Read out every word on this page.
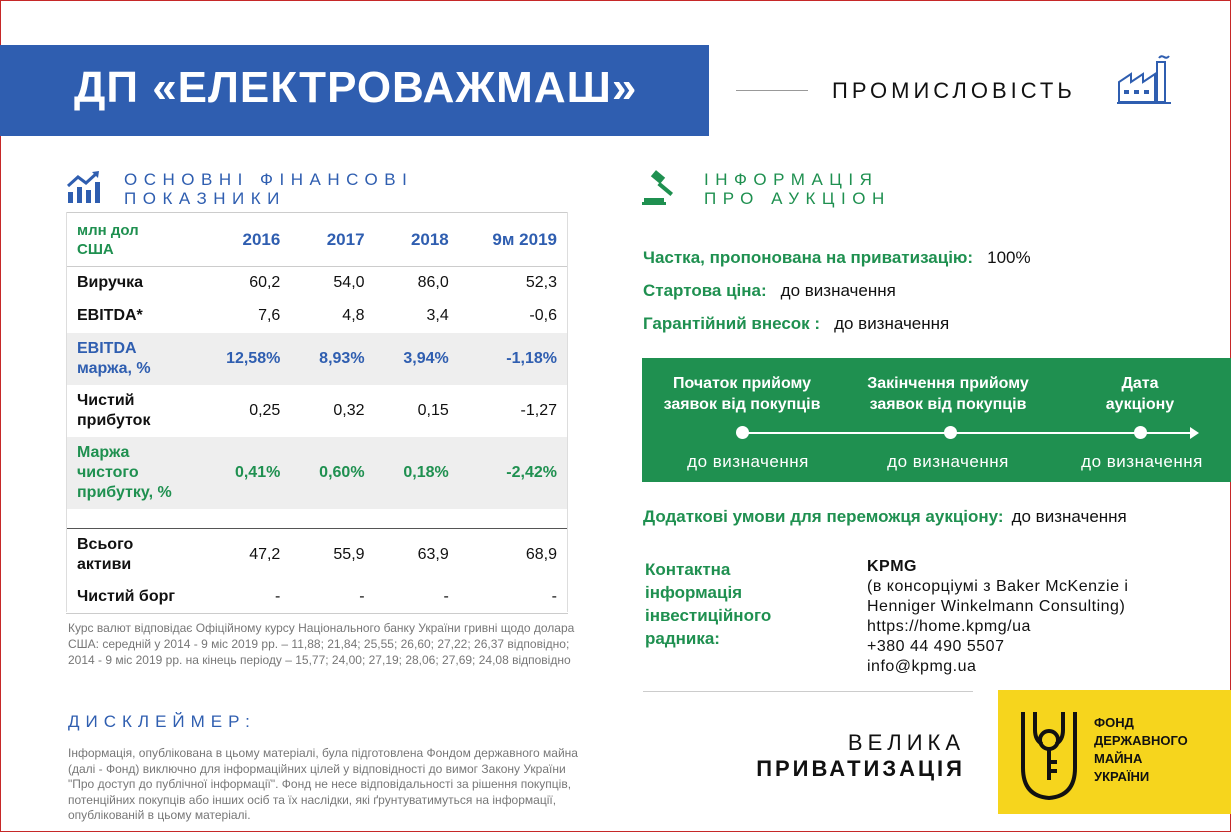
ДП «ЕЛЕКТРОВАЖМАШ»	ПРОМИСЛОВІСТЬ
ОСНОВНІ ФІНАНСОВІ
ПОКАЗНИКИ
млн дол
США	2016	2017	2018	9м 2019
Виручка	60,2	54,0	86,0	52,3
EBITDA*	7,6	4,8	3,4	-0,6
EBITDA
маржа, %	12,58%	8,93%	3,94%	-1,18%
Чистий
прибуток	0,25	0,32	0,15	-1,27
Маржа
чистого
прибутку, %	0,41%	0,60%	0,18%	-2,42%

Всього
активи	47,2	55,9	63,9	68,9
Чистий борг	-	-	-	-
Курс валют відповідає Офіційному курсу Національного банку України гривні щодо долара США: середній у 2014 - 9 міс 2019 рр. – 11,88; 21,84; 25,55; 26,60; 27,22; 26,37 відповідно; 2014 - 9 міс 2019 рр. на кінець періоду – 15,77; 24,00; 27,19; 28,06; 27,69; 24,08 відповідно
ДИСКЛЕЙМЕР:
Інформація, опублікована в цьому матеріалі, була підготовлена Фондом державного майна (далі - Фонд) виключно для інформаційних цілей у відповідності до вимог Закону України "Про доступ до публічної інформації". Фонд не несе відповідальності за рішення покупців, потенційних покупців або інших осіб та їх наслідки, які ґрунтуватимуться на інформації, опублікованій в цьому матеріалі.
ІНФОРМАЦІЯ
ПРО АУКЦІОН
Частка, пропонована на приватизацію: 100%
Стартова ціна: до визначення
Гарантійний внесок : до визначення
Початок прийому
заявок від покупців
Закінчення прийому
заявок від покупців
Дата
аукціону
до визначення	до визначення	до визначення
Додаткові умови для переможця аукціону: до визначення
Контактна
інформація
інвестиційного
радника:
KPMG
(в консорціумі з Baker McKenzie і
Henniger Winkelmann Consulting)
https://home.kpmg/ua
+380 44 490 5507
info@kpmg.ua
ВЕЛИКА
ПРИВАТИЗАЦІЯ
ФОНД
ДЕРЖАВНОГО
МАЙНА
УКРАЇНИ
